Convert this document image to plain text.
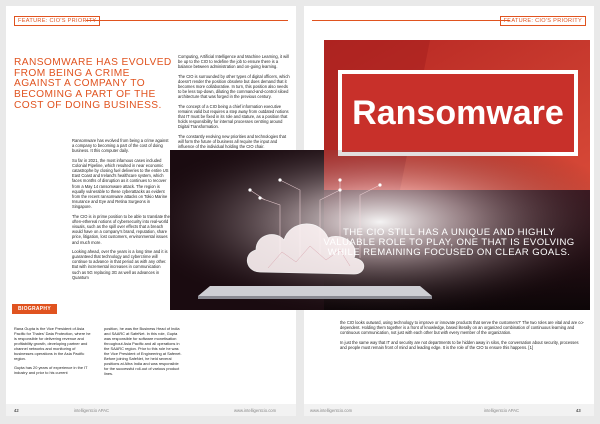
FEATURE: CIO'S PRIORITY
RANSOMWARE HAS EVOLVED FROM BEING A CRIME AGAINST A COMPANY TO BECOMING A PART OF THE COST OF DOING BUSINESS.

Ransomware has evolved from being a crime against a company to becoming a part of the cost of doing business. It this computer daily.

So far in 2021, the most infamous cases included Colonial Pipeline, which resulted in near economic catastrophe by closing fuel deliveries to the entire US East Coast and Ireland's healthcare system, which faces months of disruption as it continues to recover from a May 14 ransomware attack. The region is equally vulnerable to these cyberattacks as evident from the recent ransomware attacks on Tokio Marine Insurance and Eye and Retina Surgeons in Singapore.

The CIO is in prime position to be able to translate the often-ethereal notions of cybersecurity into real-world visuals, such as the spill over effects that a breach would have on a company's brand, reputation, share price, litigation, lost customers, environmental issues and much more.

Looking ahead, over the years is a long time and it is guaranteed that technology and cybercrime will continue to advance in that period as with any other. But with incremental increases in communication such as 5G replacing 3G as well as advances in Quantum

Computing, Artificial Intelligence and Machine Learning, it will be up to the CIO to redefine the job to ensure there is a balance between administration and on-going learning.

The CIO is surrounded by other types of digital officers, which doesn't render the position obsolete but does demand that it becomes more collaborative. In turn, this position also needs to be less top-down, diluting the command-and-control siloed architecture that was forged in the previous century.

The concept of a CIO being a chief information executive remains valid but requires a step away from outdated notions that IT must be fixed in its role and stature, as a position that holds responsibility for internal processes centring around Digital Transformation.

The constantly evolving new priorities and technologies that will form the future of business all require the input and influence of the individual holding the CIO chair.

BIOGRAPHY

Rana Gupta is the Vice President of Asia Pacific for Thales' Data Protection, where he is responsible for delivering revenue and profitability growth, developing partner and channel networks and monitoring of businesses operations in the Asia Pacific region.

Gupta has 20 years of experience in the IT industry and prior to his current

position, he was the Business Head of India and SAARC at SafeNet. In this role, Gupta was responsible for software monetisation throughout Asia Pacific and all operations in the SAARC region. Prior to this role he was the Vice President of Engineering at Safenet. Before joining SafeNet, he held several positions at Altra India and was responsible for the successful roll-out of various product lines.

42	intelligentcio APAC	www.intelligentcio.com
FEATURE: CIO'S PRIORITY

the CIO looks outward, using technology to improve or innovate products that serve the customers?' The two roles are vital and are co-dependent. Holding them together is a front of knowledge, based literally on an organized combination of continuous learning and continuous communication, not just with each other but with every member of the organization.

In just the same way that IT and security are not departments to be hidden away in silos, the conversation about security, processes and people must remain front of mind and leading edge. It is the role of the CIO to ensure this happens. [1]

www.intelligentcio.com	intelligentcio APAC	43
Ransomware
THE CIO STILL HAS A UNIQUE AND HIGHLY VALUABLE ROLE TO PLAY, ONE THAT IS EVOLVING WHILE REMAINING FOCUSED ON CLEAR GOALS.
